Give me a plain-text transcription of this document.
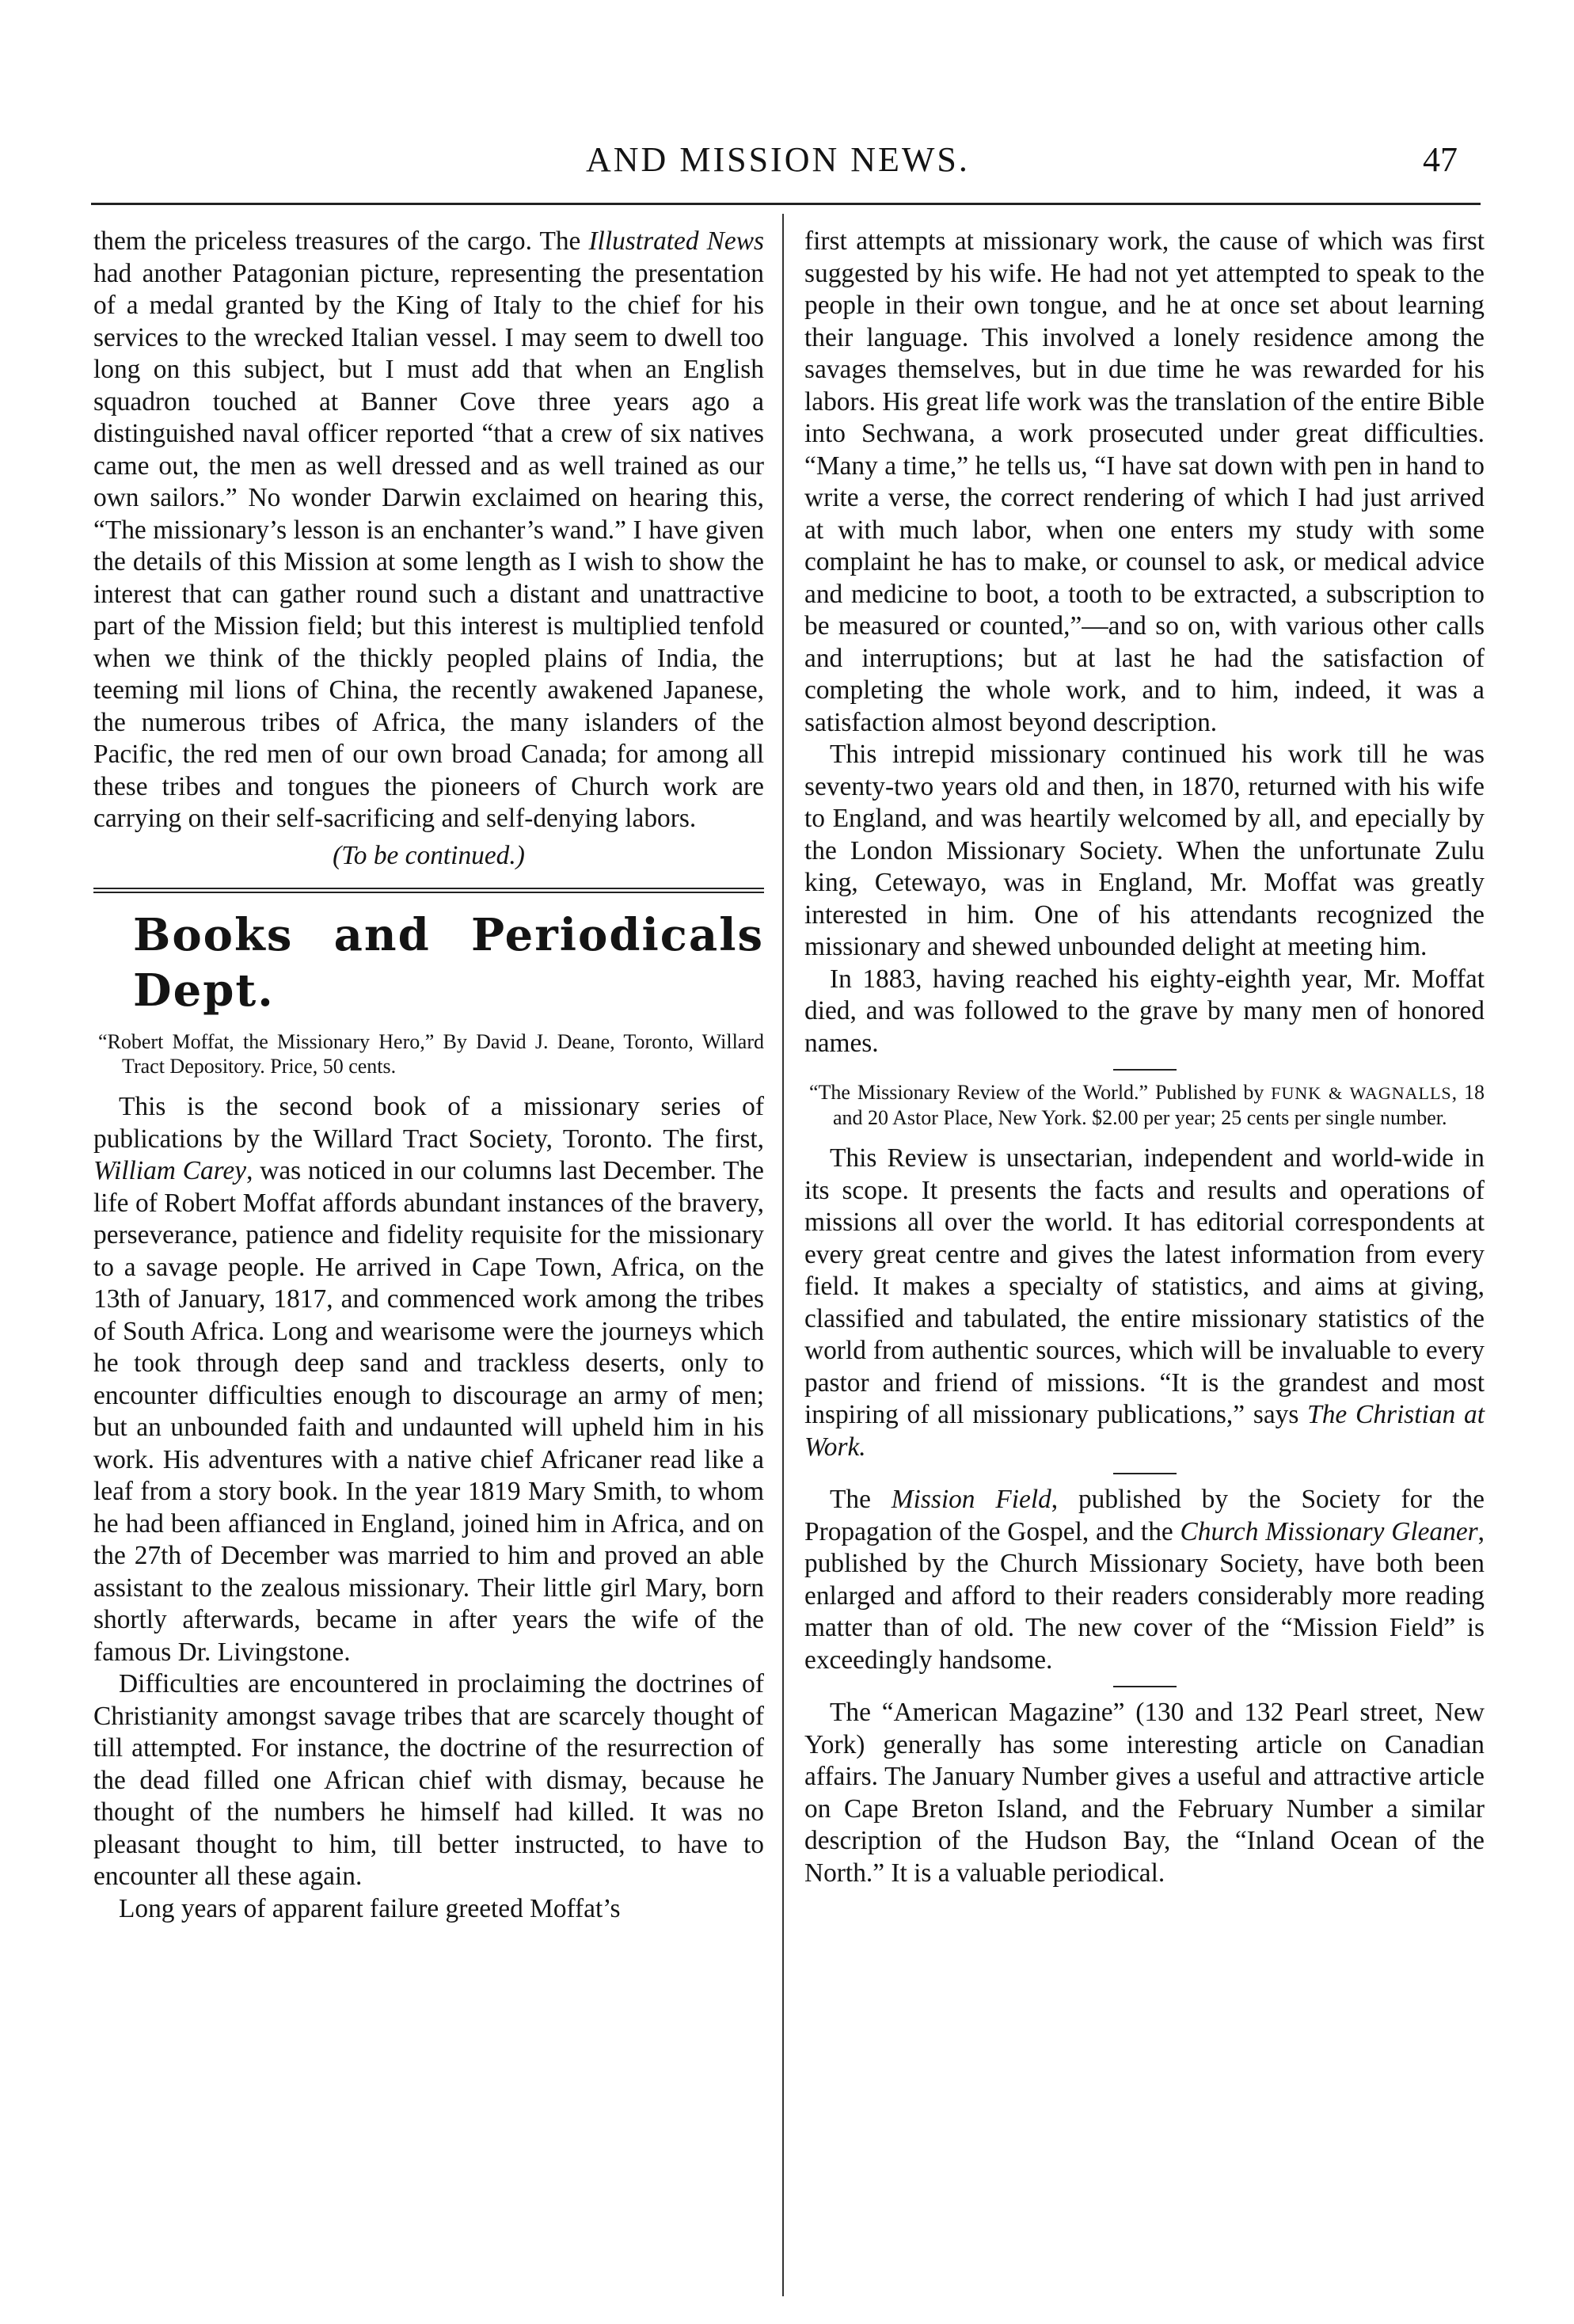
AND MISSION NEWS.	47

them the priceless treasures of the cargo. The Illustrated News had another Patagonian picture, representing the presentation of a medal granted by the King of Italy to the chief for his services to the wrecked Italian vessel. I may seem to dwell too long on this subject, but I must add that when an English squadron touched at Banner Cove three years ago a distinguished naval officer reported “that a crew of six natives came out, the men as well dressed and as well trained as our own sailors.” No wonder Darwin exclaimed on hearing this, “The missionary’s lesson is an enchanter’s wand.” I have given the details of this Mission at some length as I wish to show the interest that can gather round such a distant and unattractive part of the Mission field; but this interest is multiplied tenfold when we think of the thickly peopled plains of India, the teeming mil lions of China, the recently awakened Japanese, the numerous tribes of Africa, the many islanders of the Pacific, the red men of our own broad Canada; for among all these tribes and tongues the pioneers of Church work are carrying on their self-sacrificing and self-denying labors.

(To be continued.)

Books and Periodicals Dept.

“Robert Moffat, the Missionary Hero,” By David J. Deane, Toronto, Willard Tract Depository. Price, 50 cents.

This is the second book of a missionary series of publications by the Willard Tract Society, Toronto. The first, William Carey, was noticed in our columns last December. The life of Robert Moffat affords abundant instances of the bravery, perseverance, patience and fidelity requisite for the missionary to a savage people. He arrived in Cape Town, Africa, on the 13th of January, 1817, and commenced work among the tribes of South Africa. Long and wearisome were the journeys which he took through deep sand and trackless deserts, only to encounter difficulties enough to discourage an army of men; but an unbounded faith and undaunted will upheld him in his work. His adventures with a native chief Africaner read like a leaf from a story book. In the year 1819 Mary Smith, to whom he had been affianced in England, joined him in Africa, and on the 27th of December was married to him and proved an able assistant to the zealous missionary. Their little girl Mary, born shortly afterwards, became in after years the wife of the famous Dr. Livingstone.

Difficulties are encountered in proclaiming the doctrines of Christianity amongst savage tribes that are scarcely thought of till attempted. For instance, the doctrine of the resurrection of the dead filled one African chief with dismay, because he thought of the numbers he himself had killed. It was no pleasant thought to him, till better instructed, to have to encounter all these again.

Long years of apparent failure greeted Moffat’s

first attempts at missionary work, the cause of which was first suggested by his wife. He had not yet attempted to speak to the people in their own tongue, and he at once set about learning their language. This involved a lonely residence among the savages themselves, but in due time he was rewarded for his labors. His great life work was the translation of the entire Bible into Sechwana, a work prosecuted under great difficulties. “Many a time,” he tells us, “I have sat down with pen in hand to write a verse, the correct rendering of which I had just arrived at with much labor, when one enters my study with some complaint he has to make, or counsel to ask, or medical advice and medicine to boot, a tooth to be extracted, a subscription to be measured or counted,”—and so on, with various other calls and interruptions; but at last he had the satisfaction of completing the whole work, and to him, indeed, it was a satisfaction almost beyond description.

This intrepid missionary continued his work till he was seventy-two years old and then, in 1870, returned with his wife to England, and was heartily welcomed by all, and epecially by the London Missionary Society. When the unfortunate Zulu king, Cetewayo, was in England, Mr. Moffat was greatly interested in him. One of his attendants recognized the missionary and shewed unbounded delight at meeting him.

In 1883, having reached his eighty-eighth year, Mr. Moffat died, and was followed to the grave by many men of honored names.

“The Missionary Review of the World.” Published by FUNK & WAGNALLS, 18 and 20 Astor Place, New York. $2.00 per year; 25 cents per single number.

This Review is unsectarian, independent and world-wide in its scope. It presents the facts and results and operations of missions all over the world. It has editorial correspondents at every great centre and gives the latest information from every field. It makes a specialty of statistics, and aims at giving, classified and tabulated, the entire missionary statistics of the world from authentic sources, which will be invaluable to every pastor and friend of missions. “It is the grandest and most inspiring of all missionary publications,” says The Christian at Work.

The Mission Field, published by the Society for the Propagation of the Gospel, and the Church Missionary Gleaner, published by the Church Missionary Society, have both been enlarged and afford to their readers considerably more reading matter than of old. The new cover of the “Mission Field” is exceedingly handsome.

The “American Magazine” (130 and 132 Pearl street, New York) generally has some interesting article on Canadian affairs. The January Number gives a useful and attractive article on Cape Breton Island, and the February Number a similar description of the Hudson Bay, the “Inland Ocean of the North.” It is a valuable periodical.
